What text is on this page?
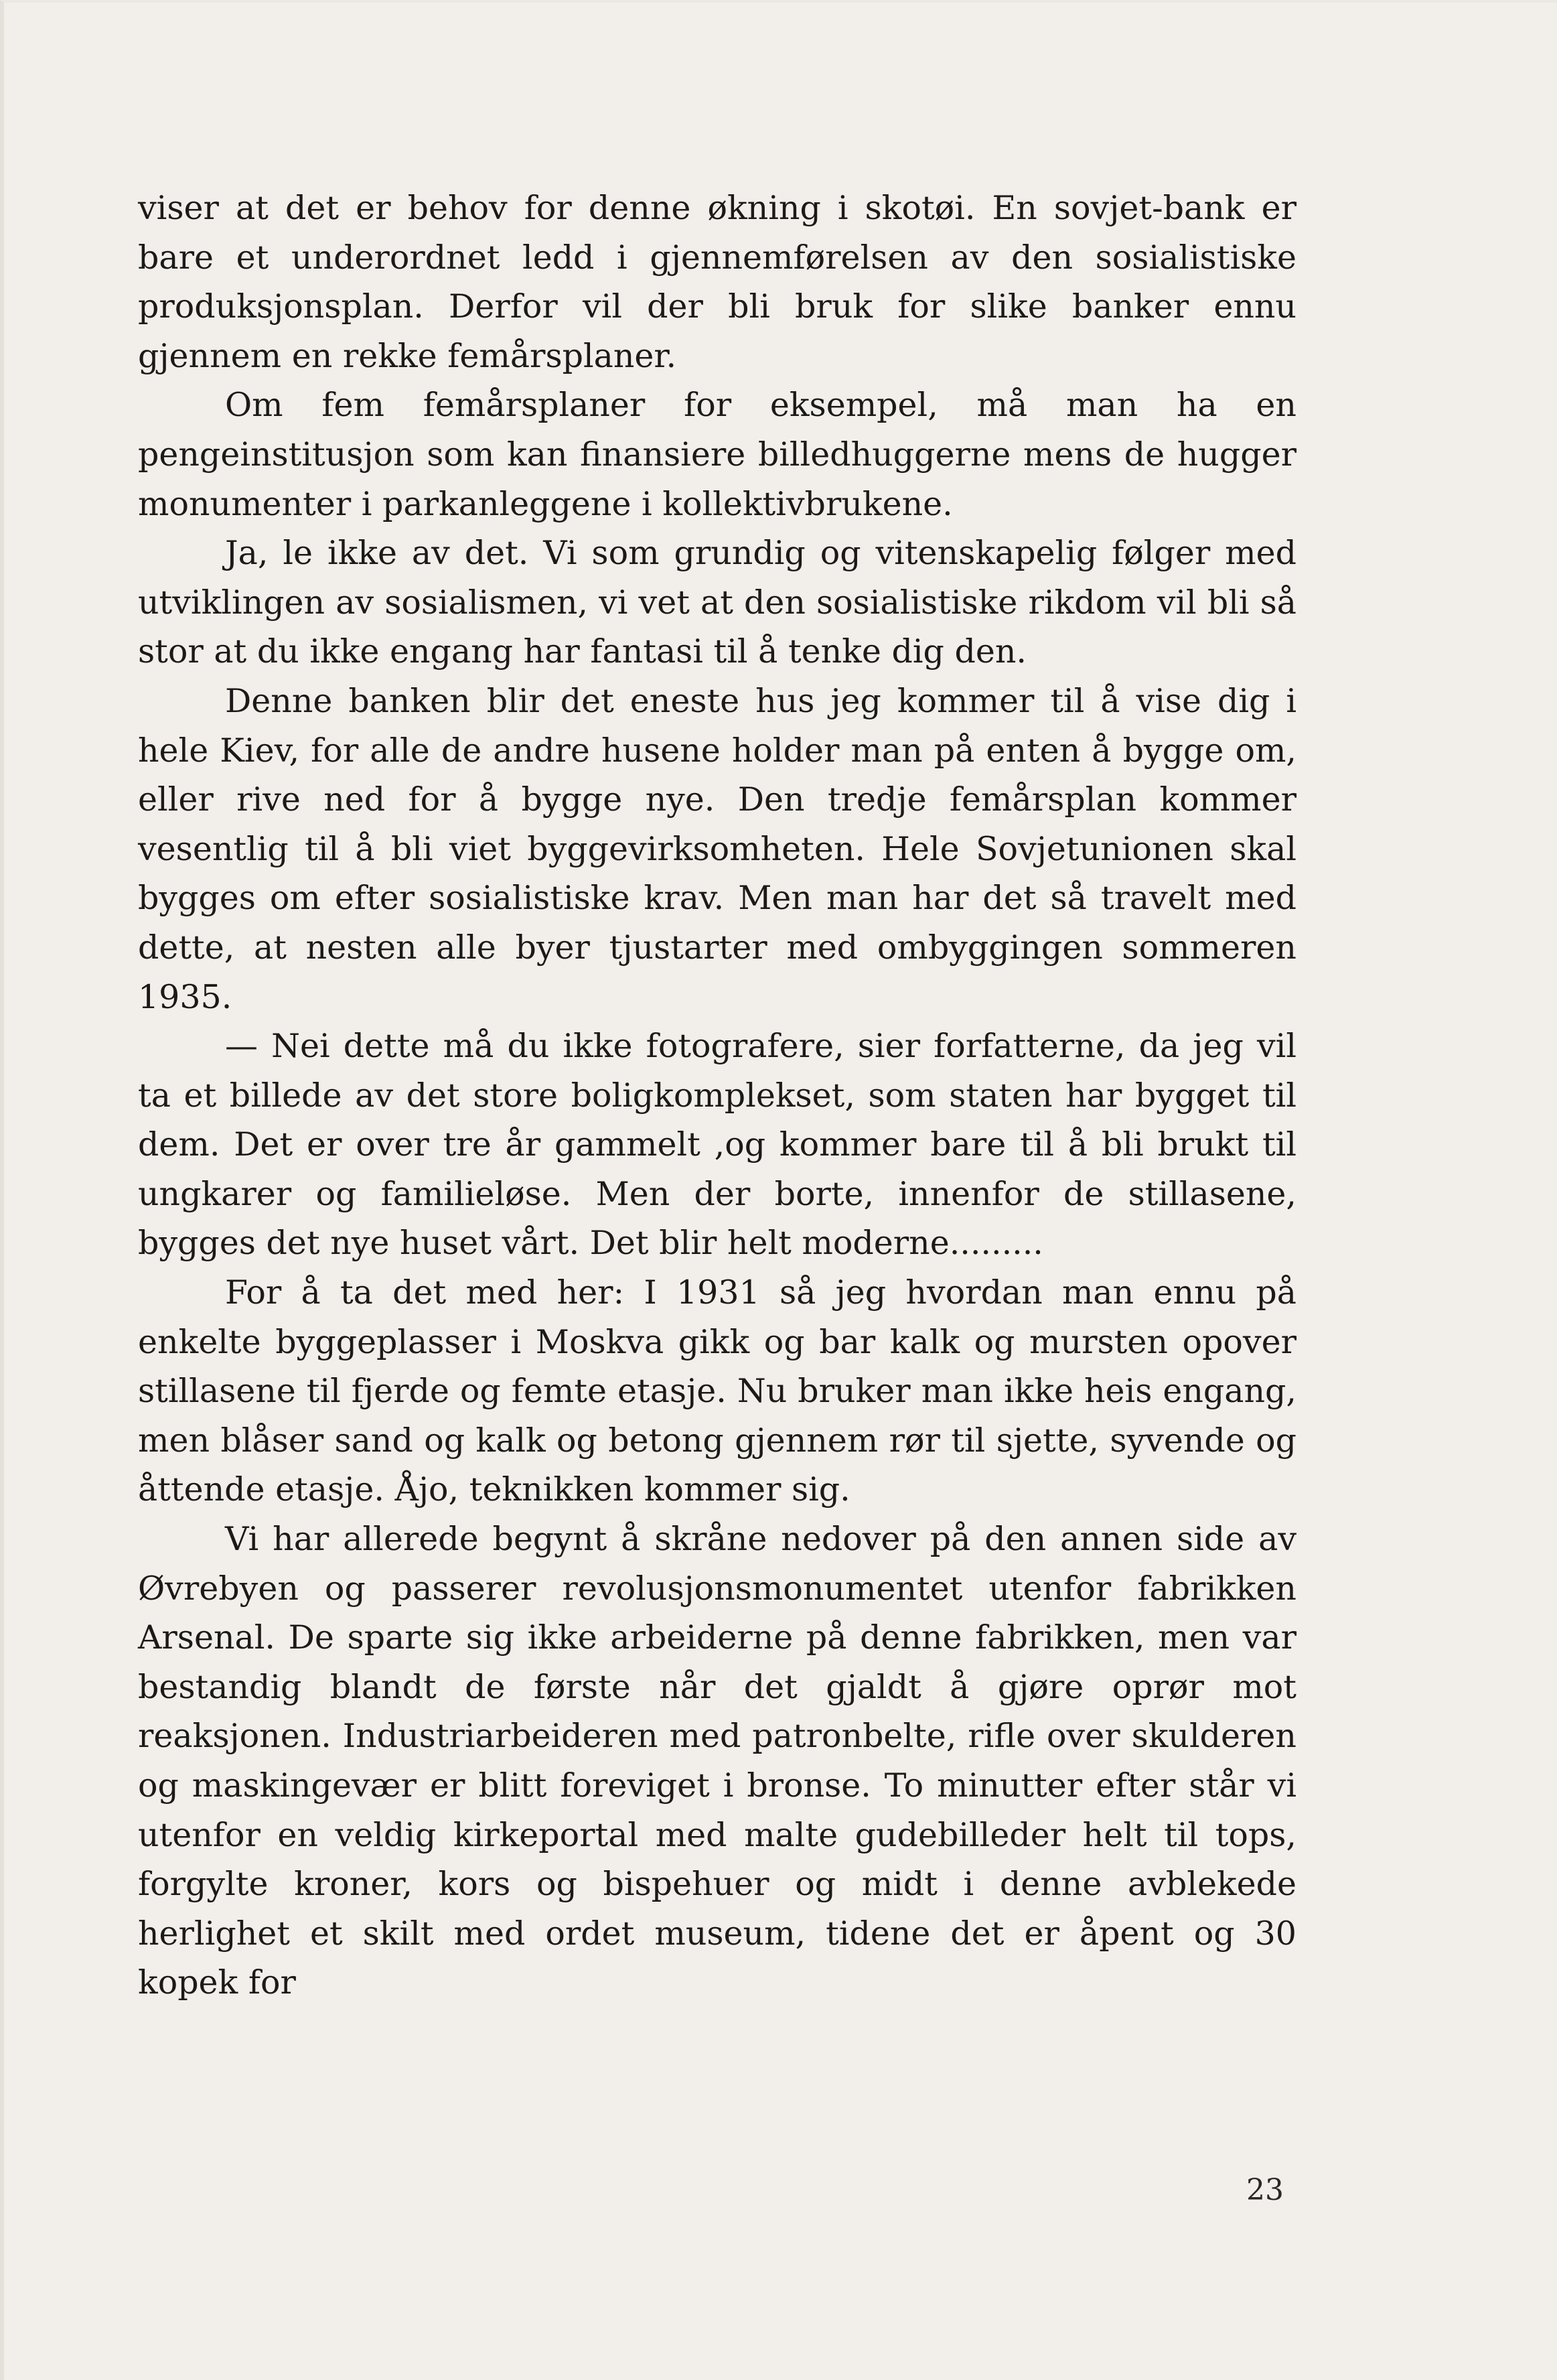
viser at det er behov for denne økning i skotøi. En sovjet-bank er bare et underordnet ledd i gjennemførelsen av den sosialistiske produksjonsplan. Derfor vil der bli bruk for slike banker ennu gjennem en rekke femårsplaner.

Om fem femårsplaner for eksempel, må man ha en pengeinstitusjon som kan finansiere billedhuggerne mens de hugger monumenter i parkanleggene i kollektivbrukene.

Ja, le ikke av det. Vi som grundig og vitenskapelig følger med utviklingen av sosialismen, vi vet at den sosialistiske rikdom vil bli så stor at du ikke engang har fantasi til å tenke dig den.

Denne banken blir det eneste hus jeg kommer til å vise dig i hele Kiev, for alle de andre husene holder man på enten å bygge om, eller rive ned for å bygge nye. Den tredje femårsplan kommer vesentlig til å bli viet byggevirksomheten. Hele Sovjetunionen skal bygges om efter sosialistiske krav. Men man har det så travelt med dette, at nesten alle byer tjustarter med ombyggingen sommeren 1935.

— Nei dette må du ikke fotografere, sier forfatterne, da jeg vil ta et billede av det store boligkomplekset, som staten har bygget til dem. Det er over tre år gammelt ,og kommer bare til å bli brukt til ungkarer og familieløse. Men der borte, innenfor de stillasene, bygges det nye huset vårt. Det blir helt moderne.........

For å ta det med her: I 1931 så jeg hvordan man ennu på enkelte byggeplasser i Moskva gikk og bar kalk og mursten opover stillasene til fjerde og femte etasje. Nu bruker man ikke heis engang, men blåser sand og kalk og betong gjennem rør til sjette, syvende og åttende etasje. Åjo, teknikken kommer sig.

Vi har allerede begynt å skråne nedover på den annen side av Øvrebyen og passerer revolusjonsmonumentet utenfor fabrikken Arsenal. De sparte sig ikke arbeiderne på denne fabrikken, men var bestandig blandt de første når det gjaldt å gjøre oprør mot reaksjonen. Industriarbeideren med patronbelte, rifle over skulderen og maskingevær er blitt foreviget i bronse. To minutter efter står vi utenfor en veldig kirkeportal med malte gudebilleder helt til tops, forgylte kroner, kors og bispehuer og midt i denne avblekede herlighet et skilt med ordet museum, tidene det er åpent og 30 kopek for

23
